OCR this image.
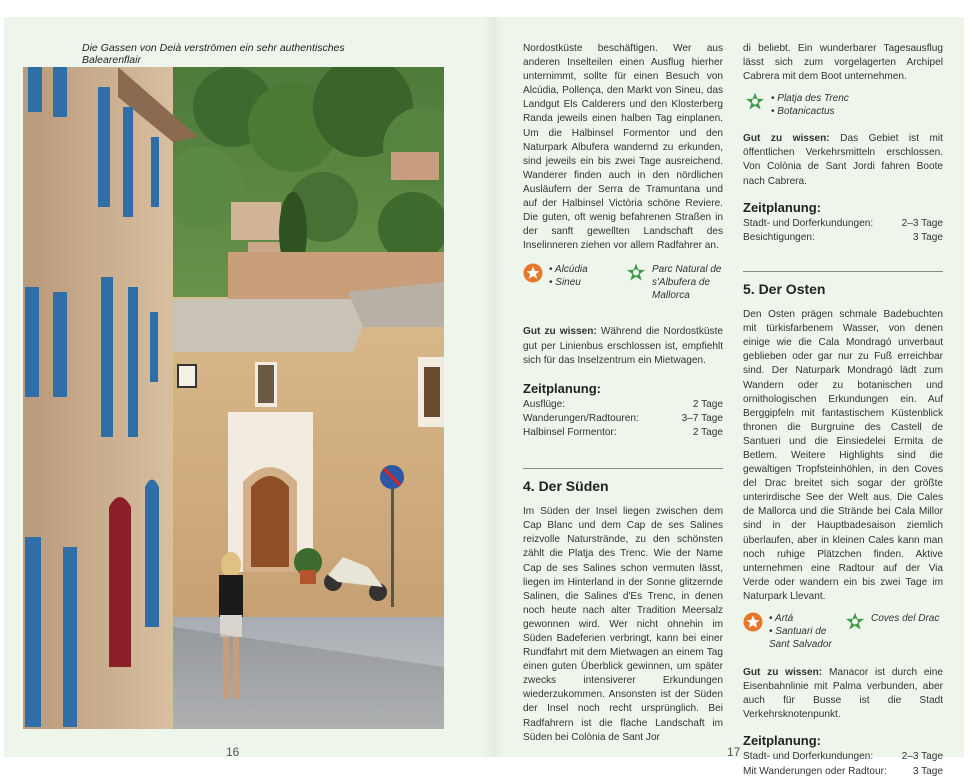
Die Gassen von Deià verströmen ein sehr authentisches Balearenflair
16

Nordostküste beschäftigen. Wer aus anderen Inselteilen einen Ausflug hierher unternimmt, sollte für einen Besuch von Alcúdia, Pollença, den Markt von Sineu, das Landgut Els Calderers und den Klosterberg Randa jeweils einen halben Tag einplanen. Um die Halbinsel Formentor und den Naturpark Albufera wandernd zu erkunden, sind jeweils ein bis zwei Tage ausreichend. Wanderer finden auch in den nördlichen Ausläufern der Serra de Tramuntana und auf der Halbinsel Victòria schöne Reviere. Die guten, oft wenig befahrenen Straßen in der sanft gewellten Landschaft des Inselinneren ziehen vor allem Radfahrer an.

• Alcúdia
• Sineu
Parc Natural de
s'Albufera de
Mallorca

Gut zu wissen: Während die Nordostküste gut per Linienbus erschlossen ist, empfiehlt sich für das Inselzentrum ein Mietwagen.

Zeitplanung:
Ausflüge:	2 Tage
Wanderungen/Radtouren:	3–7 Tage
Halbinsel Formentor:	2 Tage
4. Der Süden

Im Süden der Insel liegen zwischen dem Cap Blanc und dem Cap de ses Salines reizvolle Naturstrände, zu den schönsten zählt die Platja des Trenc. Wie der Name Cap de ses Salines schon vermuten lässt, liegen im Hinterland in der Sonne glitzernde Salinen, die Salines d'Es Trenc, in denen noch heute nach alter Tradition Meersalz gewonnen wird. Wer nicht ohnehin im Süden Badeferien verbringt, kann bei einer Rundfahrt mit dem Mietwagen an einem Tag einen guten Überblick gewinnen, um später zwecks intensiverer Erkundungen wiederzukommen. Ansonsten ist der Süden der Insel noch recht ursprünglich. Bei Radfahrern ist die flache Landschaft im Süden bei Colònia de Sant Jor

di beliebt. Ein wunderbarer Tagesausflug lässt sich zum vorgelagerten Archipel Cabrera mit dem Boot unternehmen.

• Platja des Trenc
• Botanicactus

Gut zu wissen: Das Gebiet ist mit öffentlichen Verkehrsmitteln erschlossen. Von Colònia de Sant Jordi fahren Boote nach Cabrera.

Zeitplanung:
Stadt- und Dorferkundungen:	2–3 Tage
Besichtigungen:	3 Tage
5. Der Osten

Den Osten prägen schmale Badebuchten mit türkisfarbenem Wasser, von denen einige wie die Cala Mondragó unverbaut geblieben oder gar nur zu Fuß erreichbar sind. Der Naturpark Mondragó lädt zum Wandern oder zu botanischen und ornithologischen Erkundungen ein. Auf Berggipfeln mit fantastischem Küstenblick thronen die Burgruine des Castell de Santueri und die Einsiedelei Ermita de Betlem. Weitere Highlights sind die gewaltigen Tropfsteinhöhlen, in den Coves del Drac breitet sich sogar der größte unterirdische See der Welt aus. Die Cales de Mallorca und die Strände bei Cala Millor sind in der Hauptbadesaison ziemlich überlaufen, aber in kleinen Cales kann man noch ruhige Plätzchen finden. Aktive unternehmen eine Radtour auf der Via Verde oder wandern ein bis zwei Tage im Naturpark Llevant.

• Artá
• Santuari de
Sant Salvador
Coves del Drac

Gut zu wissen: Manacor ist durch eine Eisenbahnlinie mit Palma verbunden, aber auch für Busse ist die Stadt Verkehrsknotenpunkt.

Zeitplanung:
Stadt- und Dorferkundungen:	2–3 Tage
Mit Wanderungen oder Radtour:	3 Tage
17
